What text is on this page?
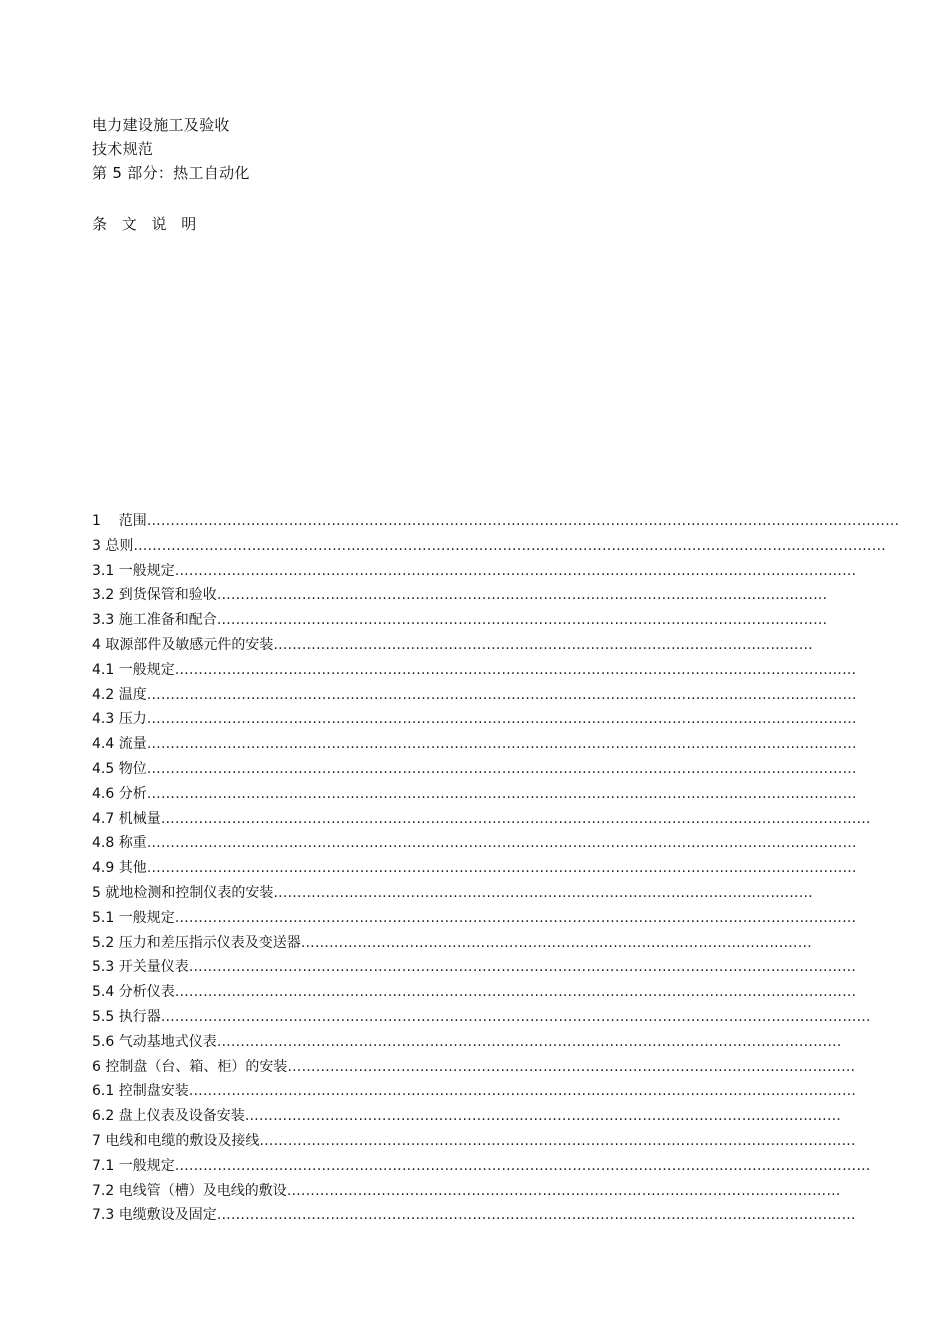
电力建设施工及验收
技术规范
第 5 部分：热工自动化
条 文 说 明
1    范围……………………………………………………………………………………………………………………………………………
3 总则……………………………………………………………………………………………………………………………………………
3.1 一般规定………………………………………………………………………………………………………………………………
3.2 到货保管和验收…………………………………………………………………………………………………………………
3.3 施工准备和配合…………………………………………………………………………………………………………………
4 取源部件及敏感元件的安装……………………………………………………………………………………………………
4.1 一般规定………………………………………………………………………………………………………………………………
4.2 温度……………………………………………………………………………………………………………………………………
4.3 压力……………………………………………………………………………………………………………………………………
4.4 流量……………………………………………………………………………………………………………………………………
4.5 物位……………………………………………………………………………………………………………………………………
4.6 分析……………………………………………………………………………………………………………………………………
4.7 机械量……………………………………………………………………………………………………………………………………
4.8 称重……………………………………………………………………………………………………………………………………
4.9 其他……………………………………………………………………………………………………………………………………
5 就地检测和控制仪表的安装……………………………………………………………………………………………………
5.1 一般规定………………………………………………………………………………………………………………………………
5.2 压力和差压指示仪表及变送器………………………………………………………………………………………………
5.3 开关量仪表……………………………………………………………………………………………………………………………
5.4 分析仪表………………………………………………………………………………………………………………………………
5.5 执行器……………………………………………………………………………………………………………………………………
5.6 气动基地式仪表……………………………………………………………………………………………………………………
6 控制盘（台、箱、柜）的安装…………………………………………………………………………………………………………
6.1 控制盘安装……………………………………………………………………………………………………………………………
6.2 盘上仪表及设备安装………………………………………………………………………………………………………………
7 电线和电缆的敷设及接线………………………………………………………………………………………………………………
7.1 一般规定…………………………………………………………………………………………………………………………………
7.2 电线管（槽）及电线的敷设………………………………………………………………………………………………………
7.3 电缆敷设及固定………………………………………………………………………………………………………………………
